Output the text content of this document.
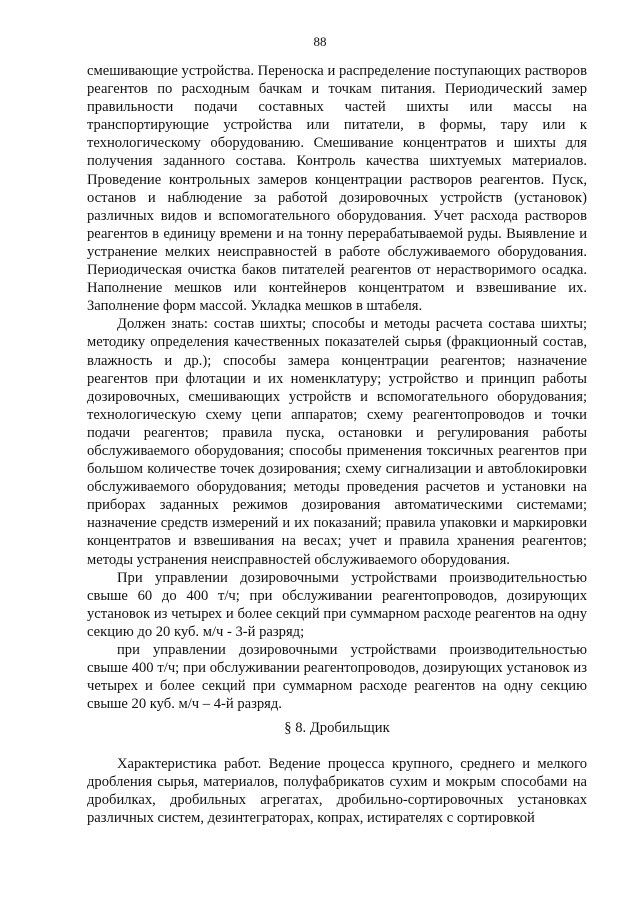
88

смешивающие устройства. Переноска и распределение поступающих растворов реагентов по расходным бачкам и точкам питания. Периодический замер правильности подачи составных частей шихты или массы на транспортирующие устройства или питатели, в формы, тару или к технологическому оборудованию. Смешивание концентратов и шихты для получения заданного состава. Контроль качества шихтуемых материалов. Проведение контрольных замеров концентрации растворов реагентов. Пуск, останов и наблюдение за работой дозировочных устройств (установок) различных видов и вспомогательного оборудования. Учет расхода растворов реагентов в единицу времени и на тонну перерабатываемой руды. Выявление и устранение мелких неисправностей в работе обслуживаемого оборудования. Периодическая очистка баков питателей реагентов от нерастворимого осадка. Наполнение мешков или контейнеров концентратом и взвешивание их. Заполнение форм массой. Укладка мешков в штабеля.

Должен знать: состав шихты; способы и методы расчета состава шихты; методику определения качественных показателей сырья (фракционный состав, влажность и др.); способы замера концентрации реагентов; назначение реагентов при флотации и их номенклатуру; устройство и принцип работы дозировочных, смешивающих устройств и вспомогательного оборудования; технологическую схему цепи аппаратов; схему реагентопроводов и точки подачи реагентов; правила пуска, остановки и регулирования работы обслуживаемого оборудования; способы применения токсичных реагентов при большом количестве точек дозирования; схему сигнализации и автоблокировки обслуживаемого оборудования; методы проведения расчетов и установки на приборах заданных режимов дозирования автоматическими системами; назначение средств измерений и их показаний; правила упаковки и маркировки концентратов и взвешивания на весах; учет и правила хранения реагентов; методы устранения неисправностей обслуживаемого оборудования.

При управлении дозировочными устройствами производительностью свыше 60 до 400 т/ч; при обслуживании реагентопроводов, дозирующих установок из четырех и более секций при суммарном расходе реагентов на одну секцию до 20 куб. м/ч - 3-й разряд;

при управлении дозировочными устройствами производительностью свыше 400 т/ч; при обслуживании реагентопроводов, дозирующих установок из четырех и более секций при суммарном расходе реагентов на одну секцию свыше 20 куб. м/ч – 4-й разряд.

§ 8. Дробильщик

Характеристика работ. Ведение процесса крупного, среднего и мелкого дробления сырья, материалов, полуфабрикатов сухим и мокрым способами на дробилках, дробильных агрегатах, дробильно-сортировочных установках различных систем, дезинтеграторах, копрах, истирателях с сортировкой
